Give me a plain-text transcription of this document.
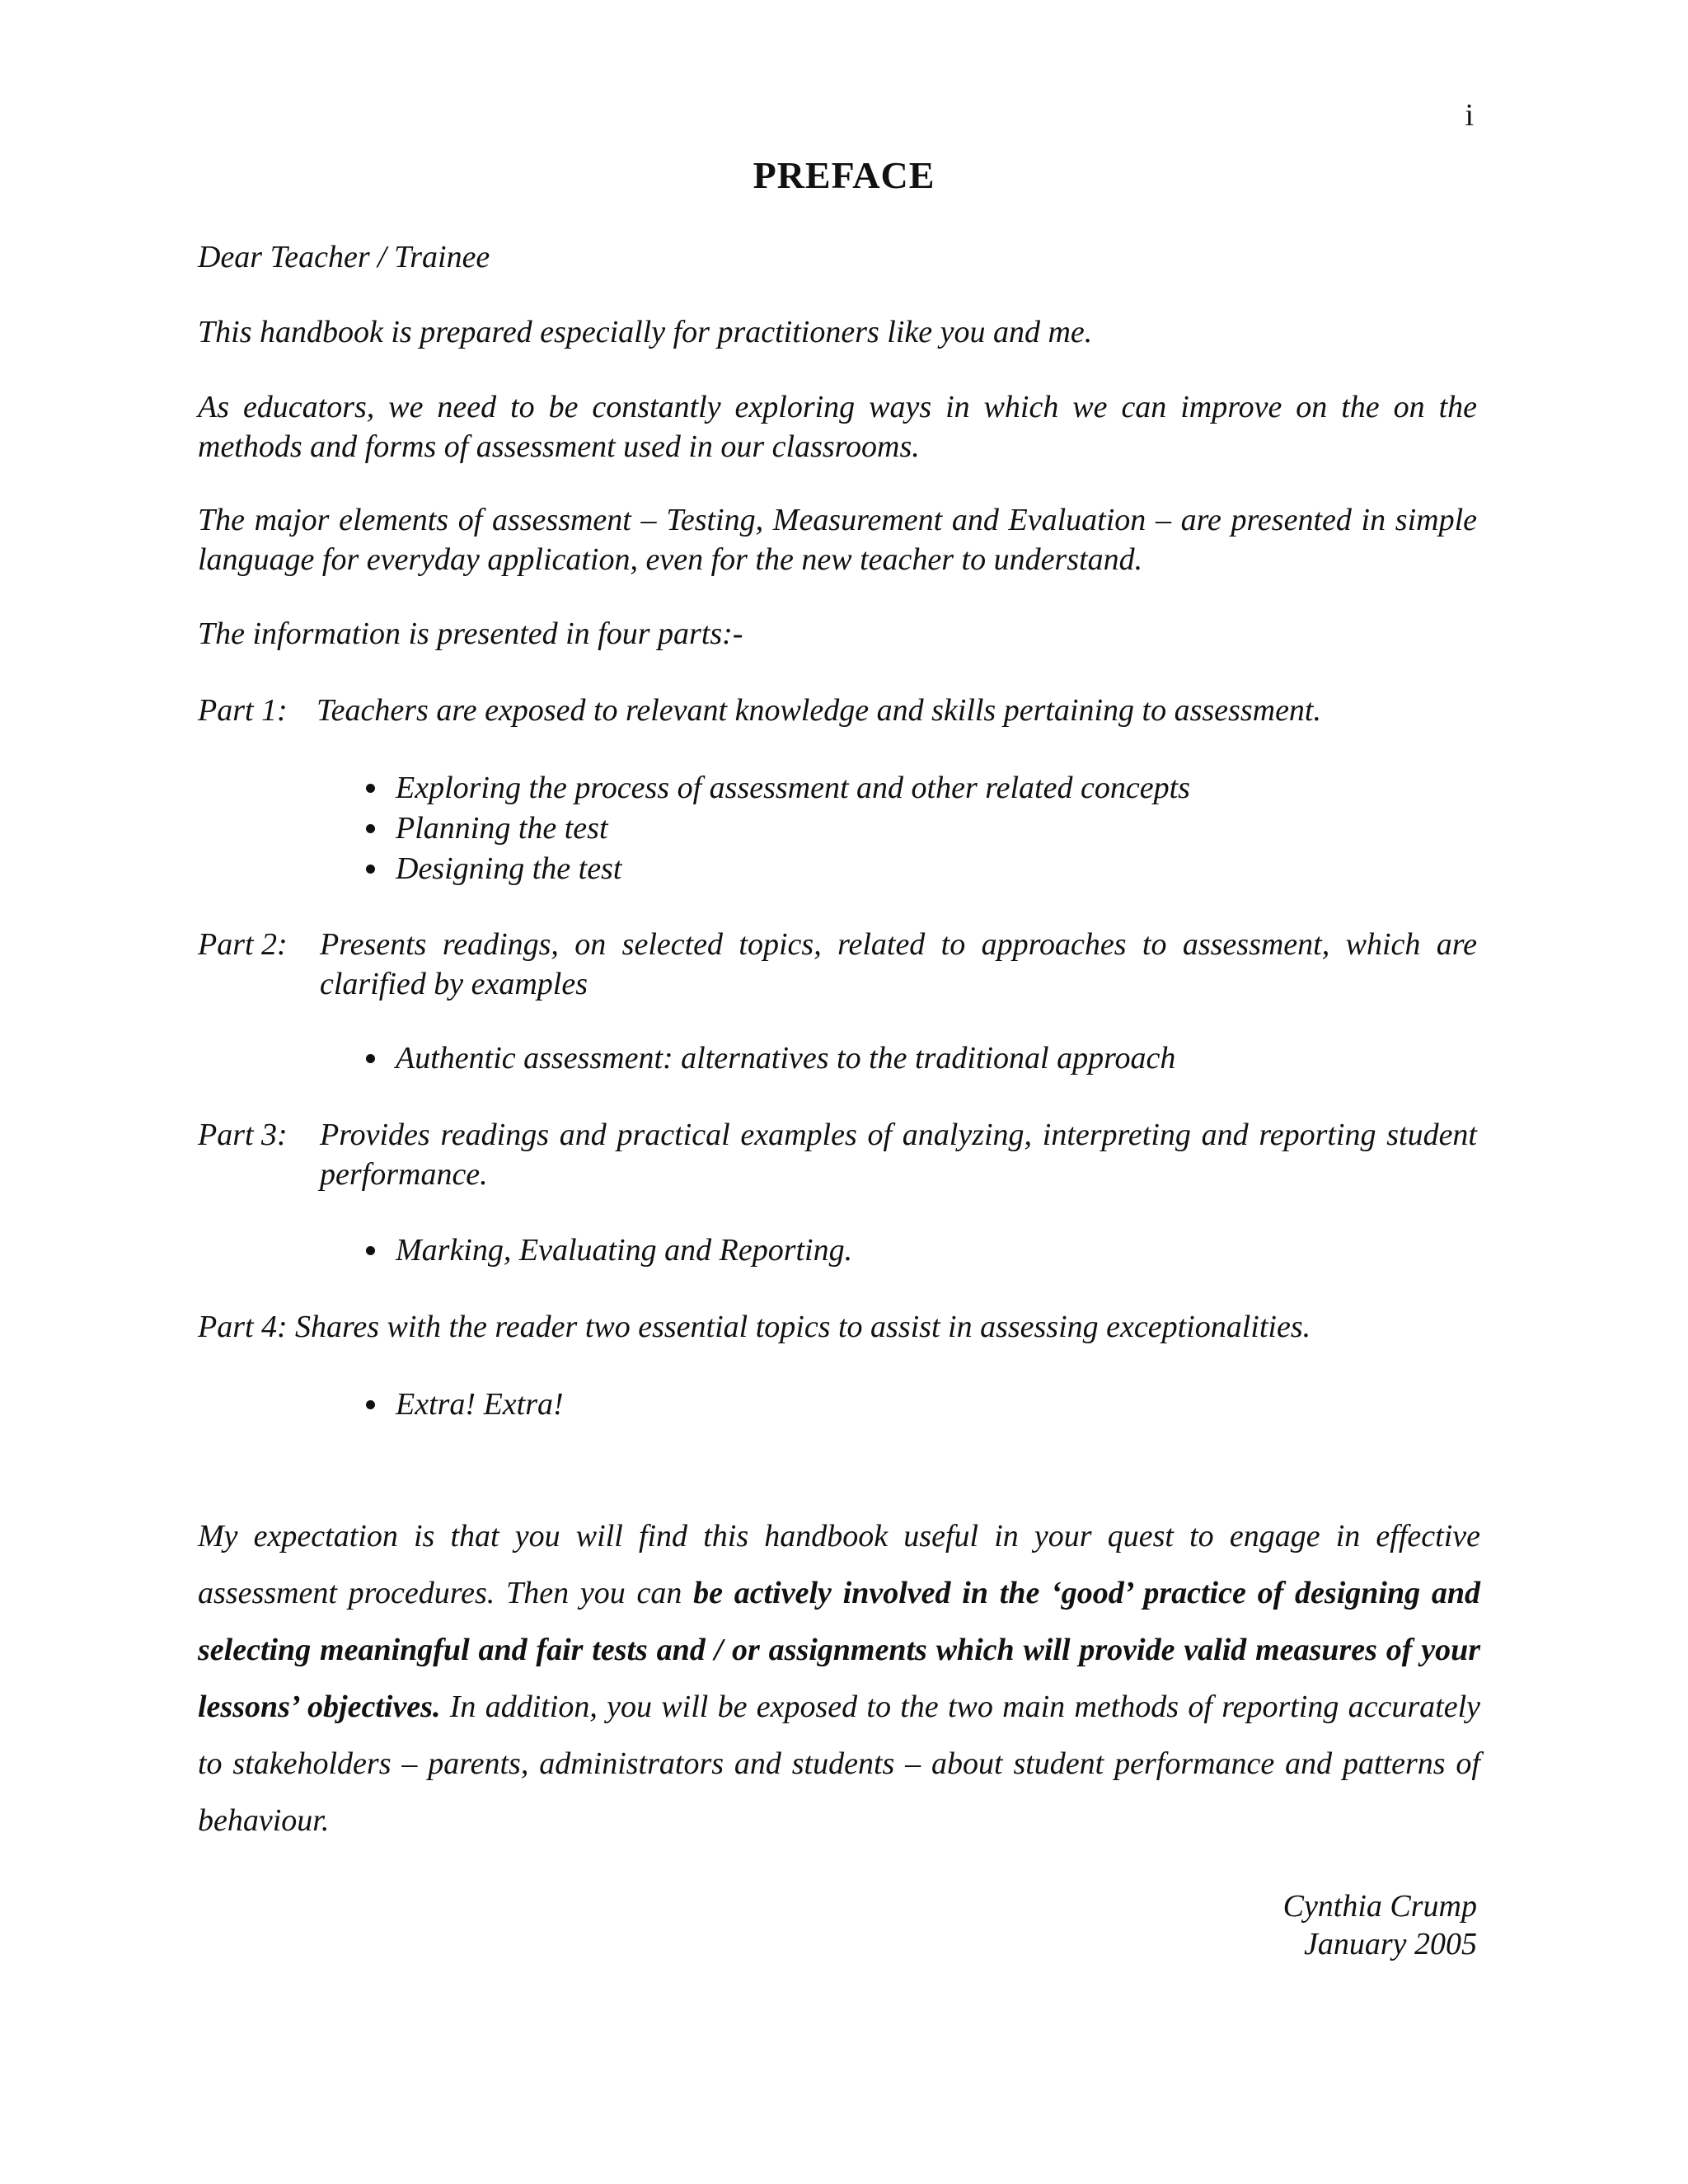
i
PREFACE
Dear Teacher / Trainee
This handbook is prepared especially for practitioners like you and me.

As educators, we need to be constantly exploring ways in which we can improve on the on the methods and forms of assessment used in our classrooms.

The major elements of assessment – Testing, Measurement and Evaluation – are presented in simple language for everyday application, even for the new teacher to understand.

The information is presented in four parts:-
Part 1: Teachers are exposed to relevant knowledge and skills pertaining to assessment.
Exploring the process of assessment and other related concepts
Planning the test
Designing the test
Part 2: Presents readings, on selected topics, related to approaches to assessment, which are clarified by examples
Authentic assessment: alternatives to the traditional approach
Part 3: Provides readings and practical examples of analyzing, interpreting and reporting student performance.
Marking, Evaluating and Reporting.
Part 4: Shares with the reader two essential topics to assist in assessing exceptionalities.
Extra! Extra!

My expectation is that you will find this handbook useful in your quest to engage in effective assessment procedures. Then you can be actively involved in the ‘good’ practice of designing and selecting meaningful and fair tests and / or assignments which will provide valid measures of your lessons’ objectives. In addition, you will be exposed to the two main methods of reporting accurately to stakeholders – parents, administrators and students – about student performance and patterns of behaviour.

Cynthia Crump
January 2005
